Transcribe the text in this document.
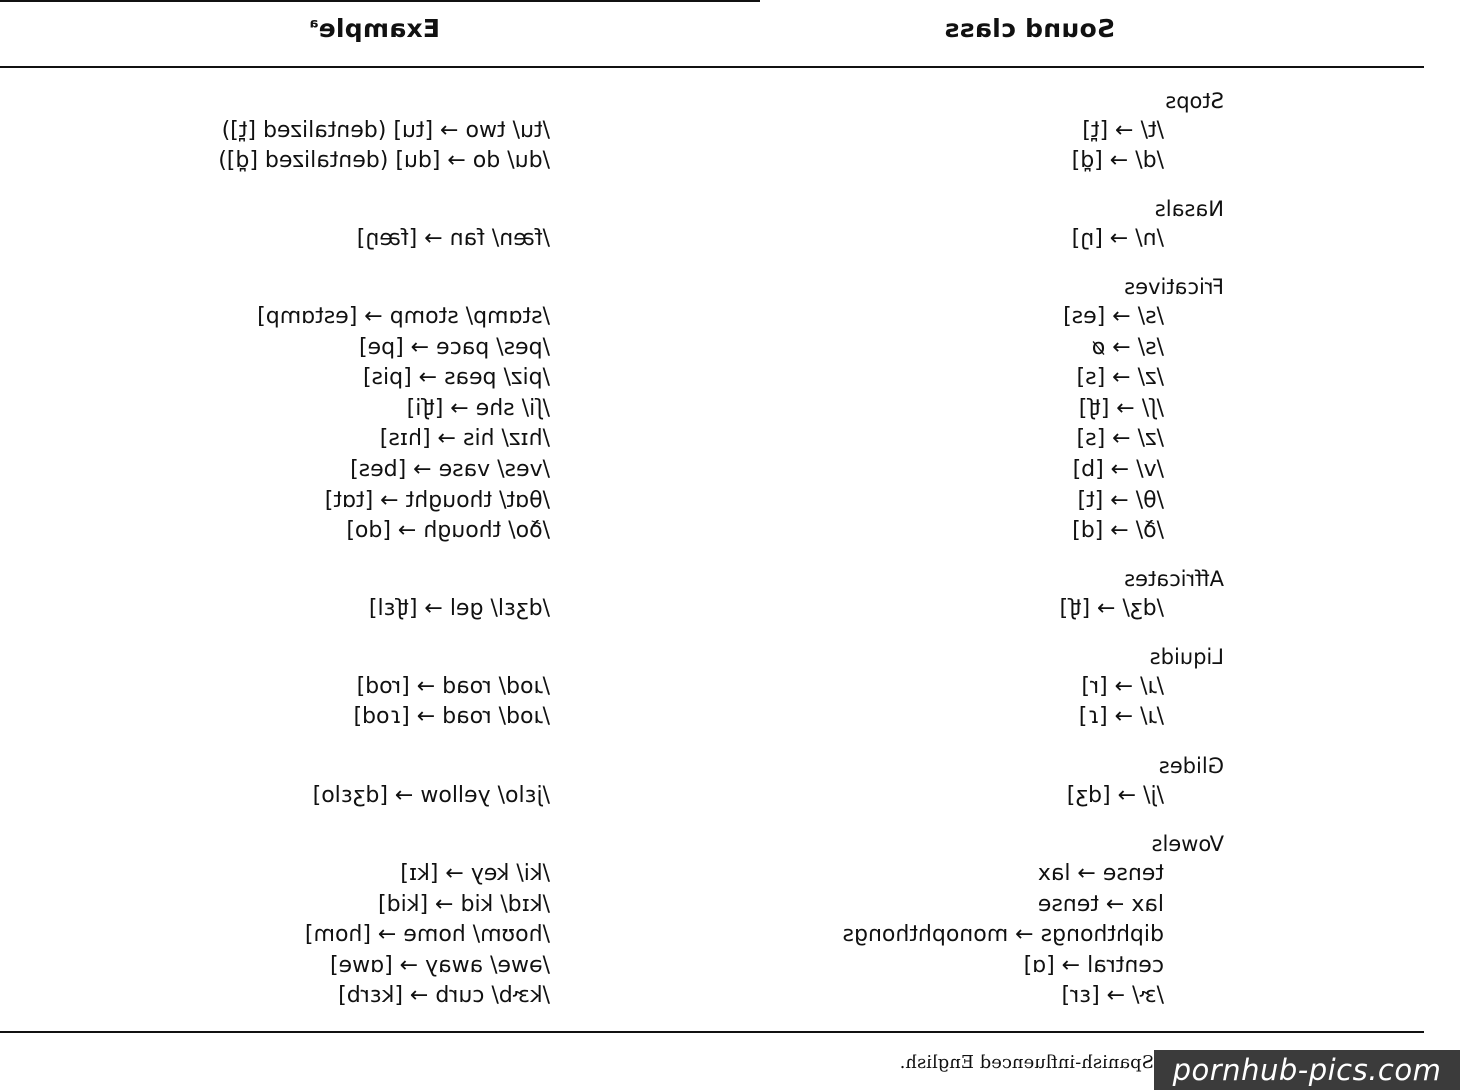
Sound class
Example$^a$
Stops
/t/ → [t̪]
/tu/ two → [tu] (dentalized [t̪])
/d/ → [d̪]
/du/ do → [du] (dentalized [d̪])
Nasals
/n/ → [ŋ]
/fæn/ fan → [fæŋ]
Fricatives
/s/ → [es]
/stɑmp/ stomp → [estɑmp]
/s/ → ø
/pes/ pace → [pe]
/z/ → [s]
/piz/ peas → [pis]
/ʃ/ → [ʧ]
/ʃi/ she → [ʧi]
/z/ → [s]
/hɪz/ his → [hɪs]
/v/ → [b]
/ves/ vase → [bes]
/θ/ → [t]
/θɑt/ thought → [tɑt]
/ð/ → [d]
/ðo/ though → [do]
Affricates
/dʒ/ → [ʧ]
/dʒɛl/ gel → [ʧɛl]
Liquids
/ɹ/ → [r]
/ɹod/ road → [rod]
/ɹ/ → [ɾ]
/ɹod/ road → [ɾod]
Glides
/j/ → [dʒ]
/jɛlo/ yellow → [dʒɛlo]
Vowels
tense → lax
/ki/ key → [kɪ]
lax → tense
/kɪd/ kid → [kid]
diphthongs → monophthongs
/hoʊm/ home → [hom]
central → [ɑ]
/əwe/ away → [ɑwe]
/ɝ/ → [ɛr]
/kɝb/ curb → [kɛrb]
Spanish-influenced English. pornhub-pics.com
